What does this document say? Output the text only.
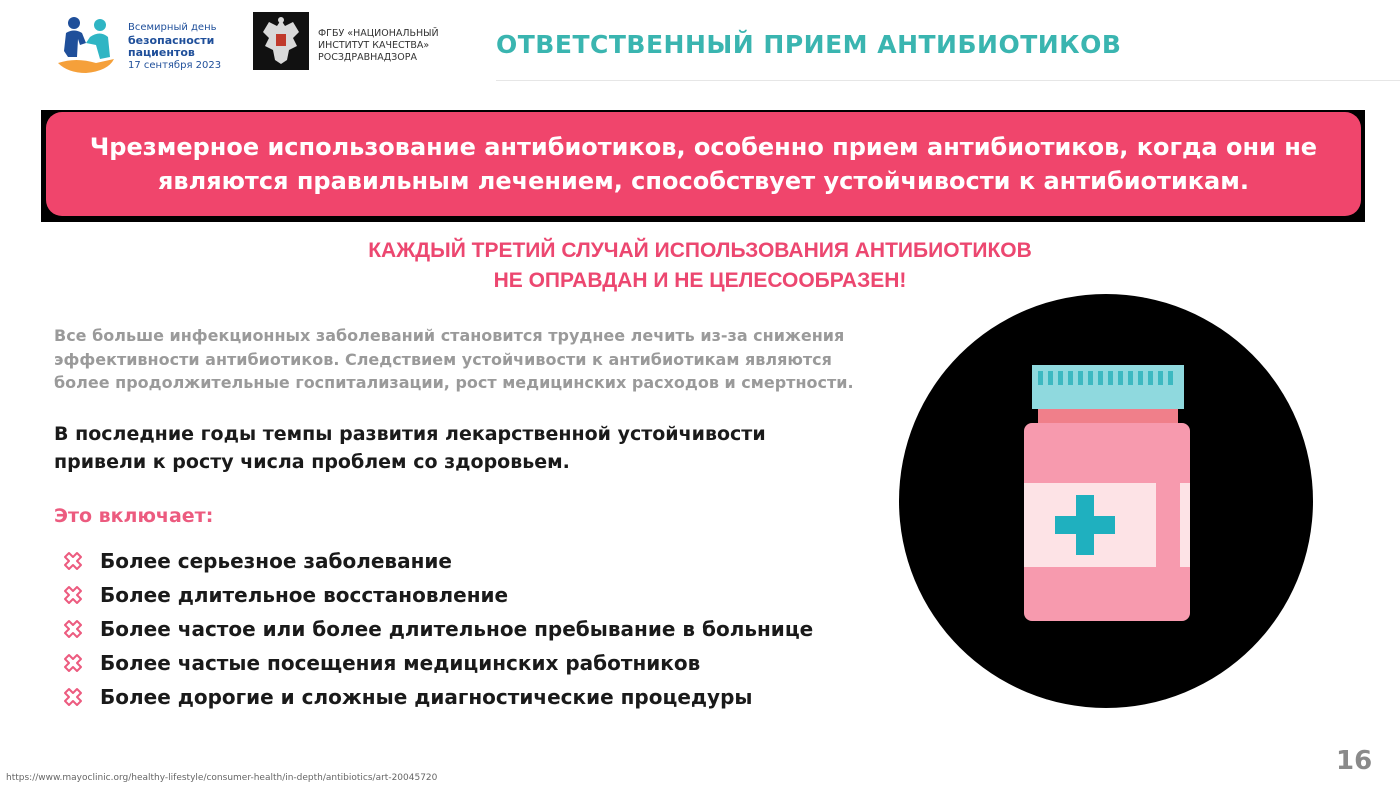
Всемирный день
безопасности
пациентов
17 сентября 2023
ФГБУ «НАЦИОНАЛЬНЫЙ
ИНСТИТУТ КАЧЕСТВА»
РОСЗДРАВНАДЗОРА	ОТВЕТСТВЕННЫЙ ПРИЕМ АНТИБИОТИКОВ
Чрезмерное использование антибиотиков, особенно прием антибиотиков, когда они не являются правильным лечением, способствует устойчивости к антибиотикам.
КАЖДЫЙ ТРЕТИЙ СЛУЧАЙ ИСПОЛЬЗОВАНИЯ АНТИБИОТИКОВ
НЕ ОПРАВДАН И НЕ ЦЕЛЕСООБРАЗЕН!
Все больше инфекционных заболеваний становится труднее лечить из-за снижения эффективности антибиотиков. Следствием устойчивости к антибиотикам являются более продолжительные госпитализации, рост медицинских расходов и смертности.
В последние годы темпы развития лекарственной устойчивости привели к росту числа проблем со здоровьем.
Это включает:
Более серьезное заболевание
Более длительное восстановление
Более частое или более длительное пребывание в больнице
Более частые посещения медицинских работников
Более дорогие и сложные диагностические процедуры
https://www.mayoclinic.org/healthy-lifestyle/consumer-health/in-depth/antibiotics/art-20045720
16
